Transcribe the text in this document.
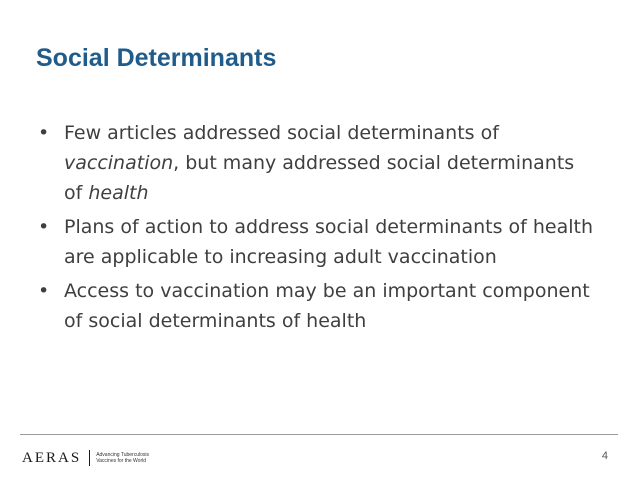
Social Determinants
• Few articles addressed social determinants of vaccination, but many addressed social determinants of health
• Plans of action to address social determinants of health are applicable to increasing adult vaccination
• Access to vaccination may be an important component of social determinants of health
AERAS	Advancing Tuberculosis
Vaccines for the World	4
